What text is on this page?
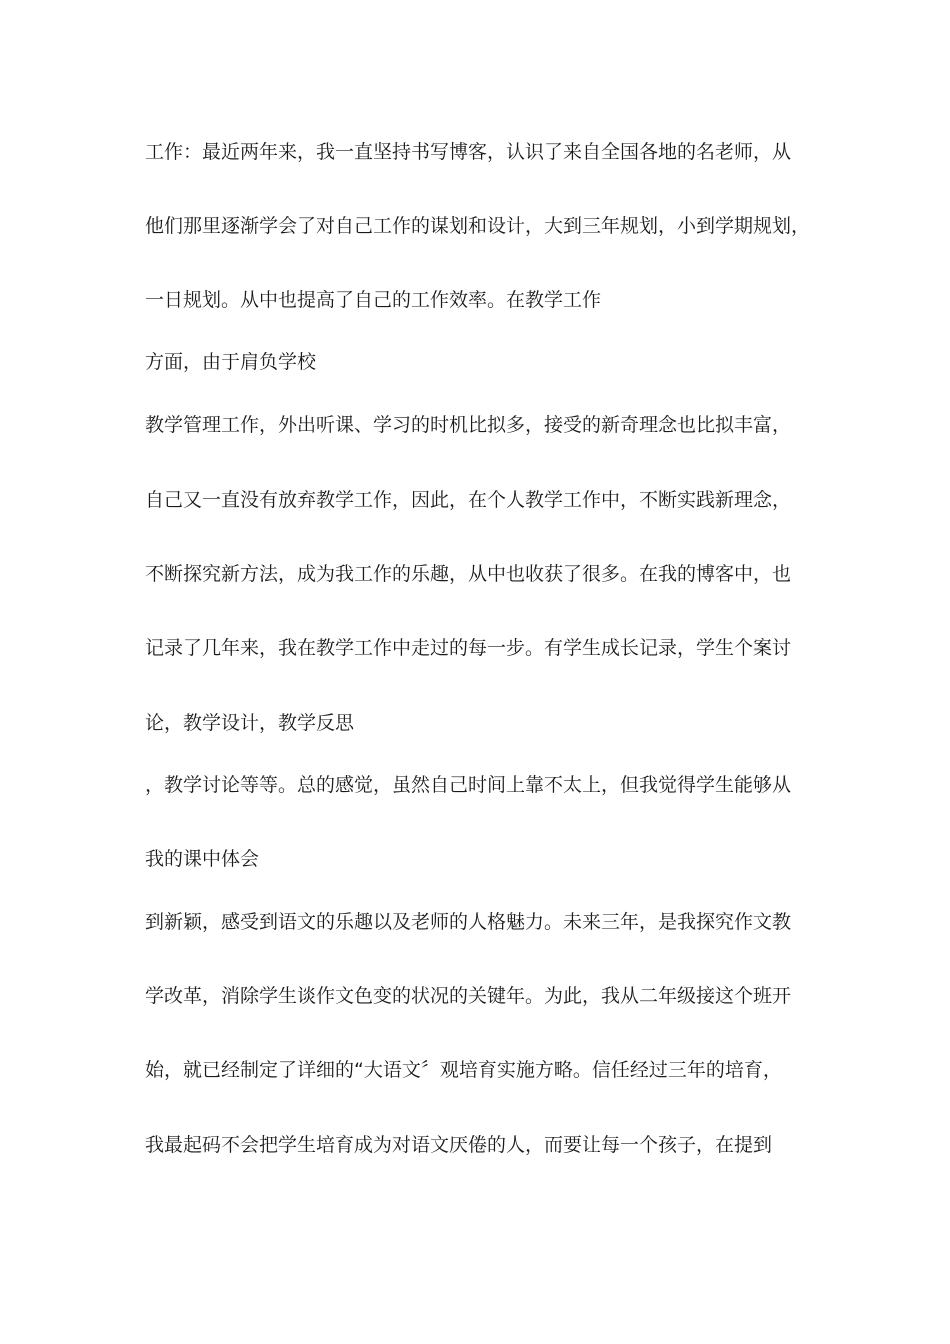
工作：最近两年来，我一直坚持书写博客，认识了来自全国各地的名老师，从
他们那里逐渐学会了对自己工作的谋划和设计，大到三年规划，小到学期规划，
一日规划。从中也提高了自己的工作效率。在教学工作
方面，由于肩负学校
教学管理工作，外出听课、学习的时机比拟多，接受的新奇理念也比拟丰富，
自己又一直没有放弃教学工作，因此，在个人教学工作中，不断实践新理念，
不断探究新方法，成为我工作的乐趣，从中也收获了很多。在我的博客中，也
记录了几年来，我在教学工作中走过的每一步。有学生成长记录，学生个案讨
论，教学设计，教学反思
，教学讨论等等。总的感觉，虽然自己时间上靠不太上，但我觉得学生能够从
我的课中体会
到新颖，感受到语文的乐趣以及老师的人格魅力。未来三年，是我探究作文教
学改革，消除学生谈作文色变的状况的关键年。为此，我从二年级接这个班开
始，就已经制定了详细的“大语文〞观培育实施方略。信任经过三年的培育，
我最起码不会把学生培育成为对语文厌倦的人，而要让每一个孩子，在提到
